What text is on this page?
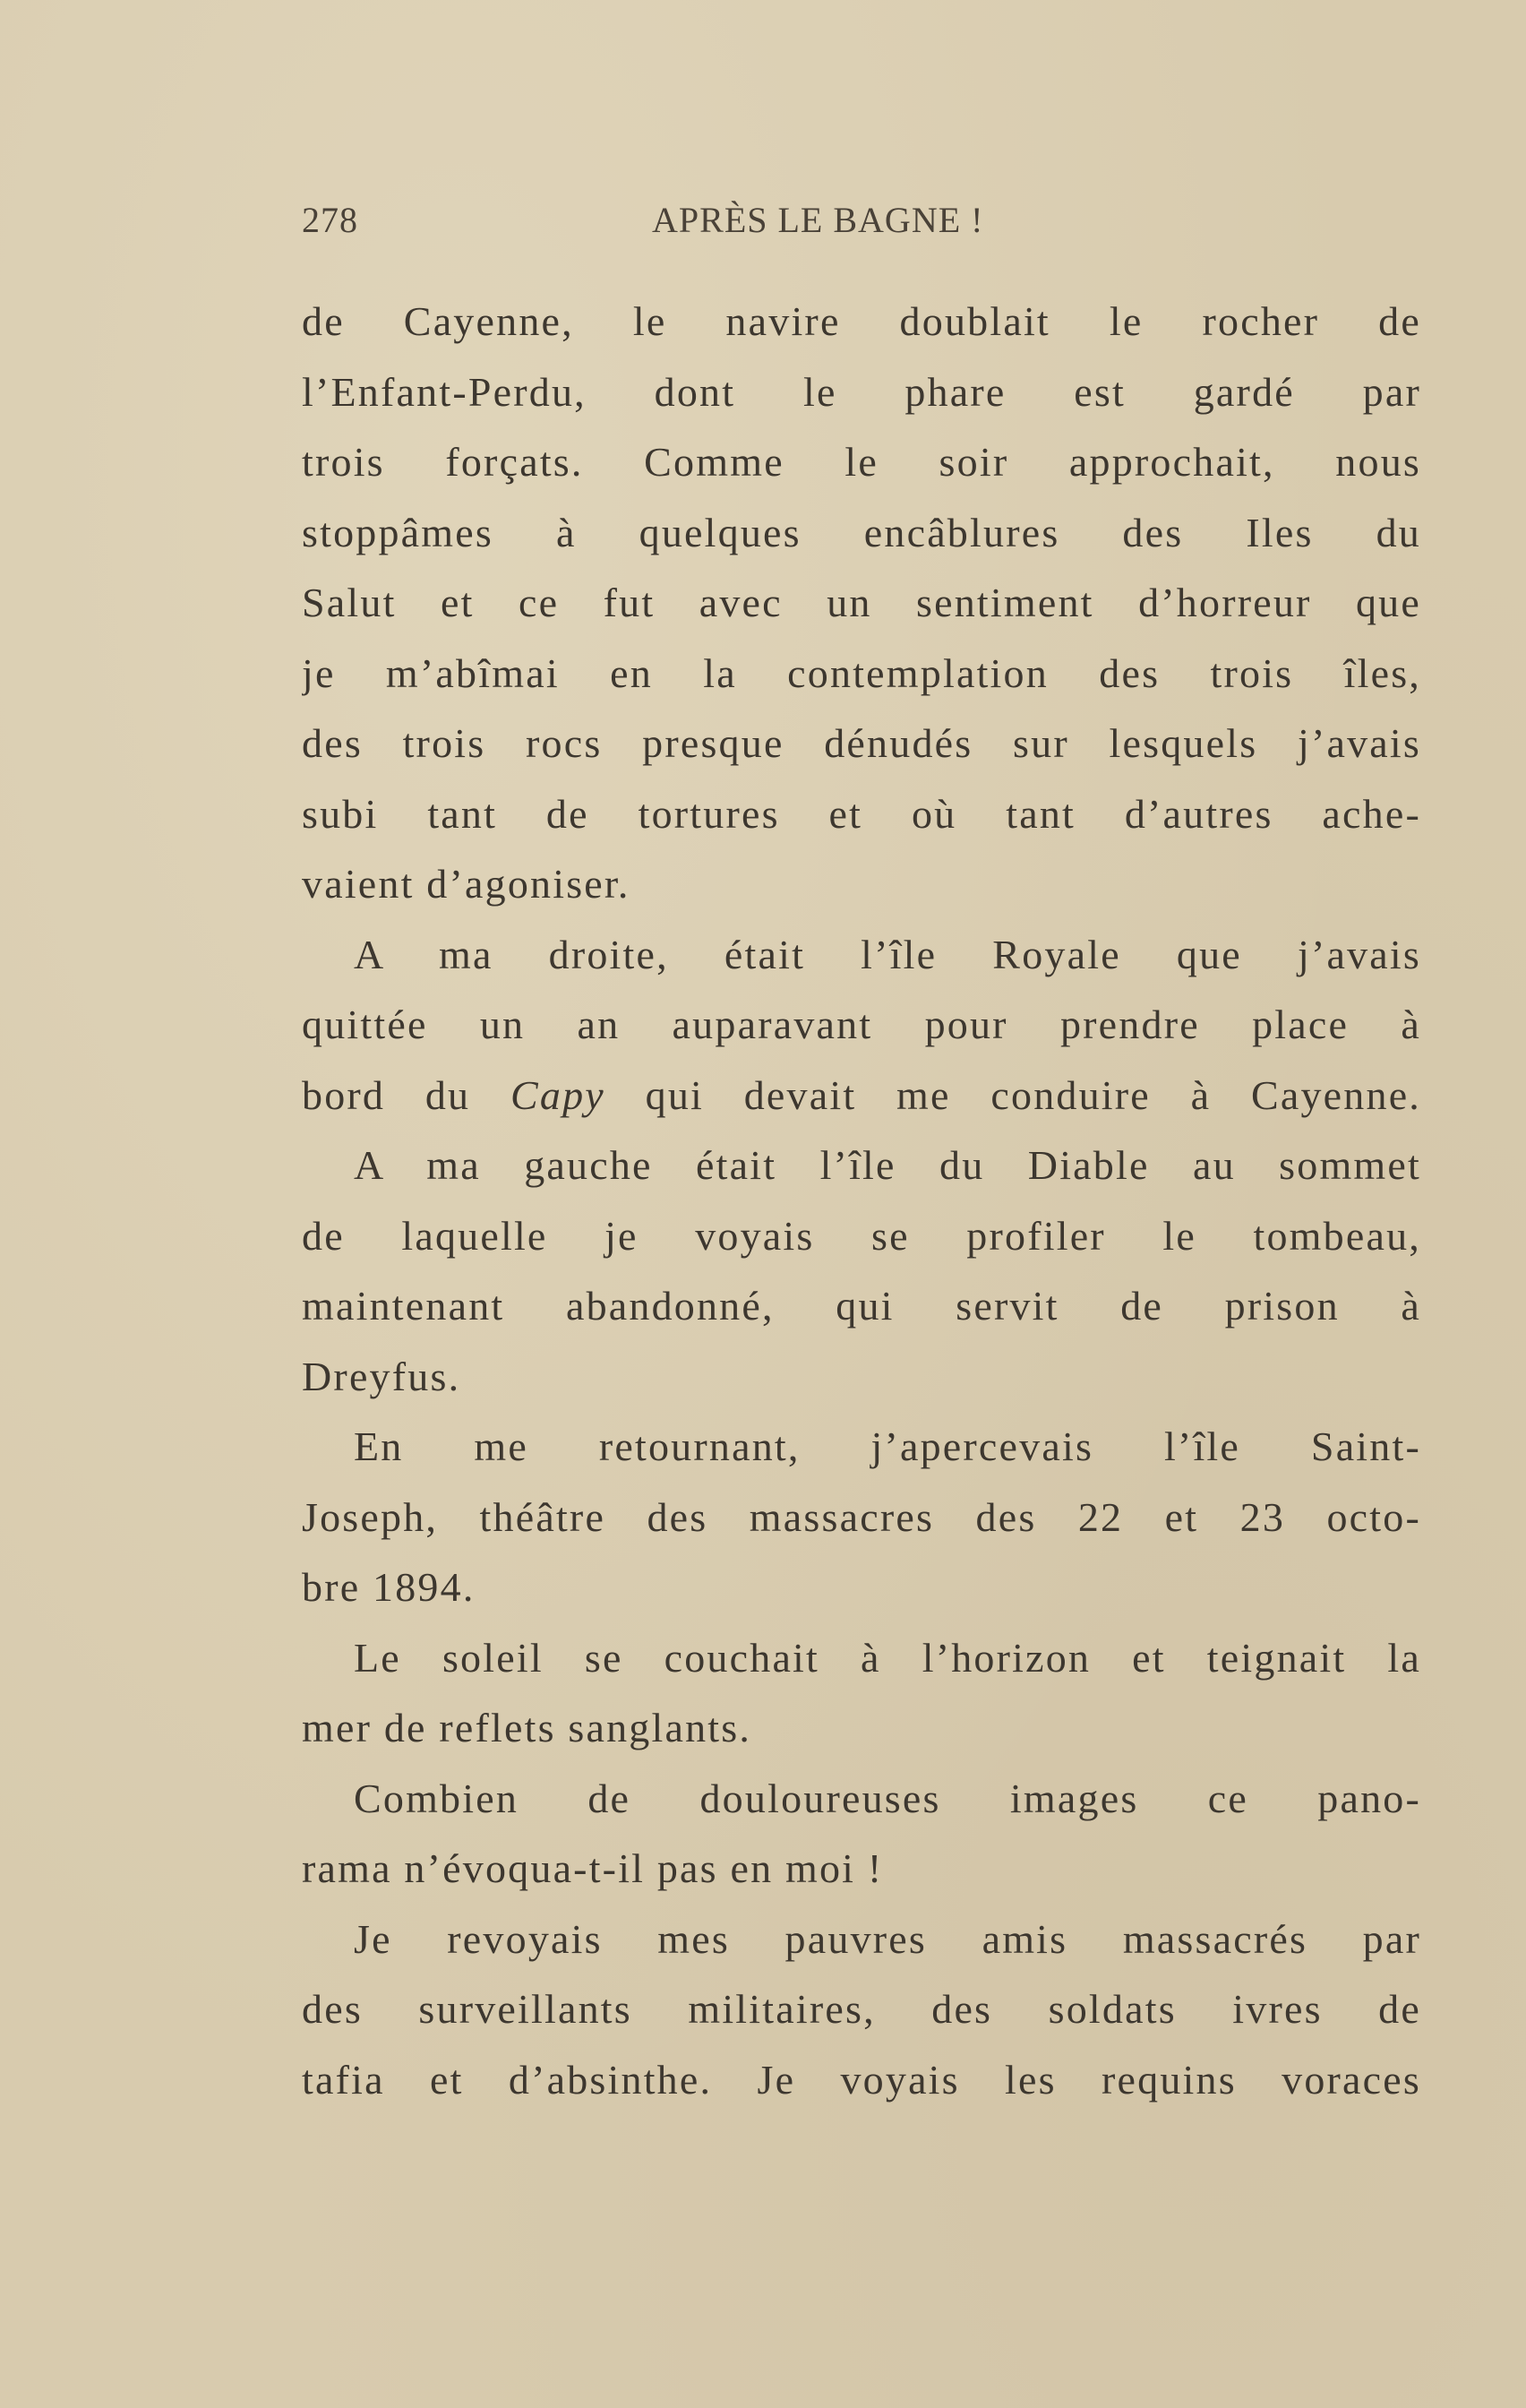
278	APRÈS LE BAGNE !
de Cayenne, le navire doublait le rocher de
l’Enfant-Perdu, dont le phare est gardé par
trois forçats. Comme le soir approchait, nous
stoppâmes à quelques encâblures des Iles du
Salut et ce fut avec un sentiment d’horreur que
je m’abîmai en la contemplation des trois îles,
des trois rocs presque dénudés sur lesquels j’avais
subi tant de tortures et où tant d’autres ache-
vaient d’agoniser.
A ma droite, était l’île Royale que j’avais
quittée un an auparavant pour prendre place à
bord du Capy qui devait me conduire à Cayenne.
A ma gauche était l’île du Diable au sommet
de laquelle je voyais se profiler le tombeau,
maintenant abandonné, qui servit de prison à
Dreyfus.
En me retournant, j’apercevais l’île Saint-
Joseph, théâtre des massacres des 22 et 23 octo-
bre 1894.
Le soleil se couchait à l’horizon et teignait la
mer de reflets sanglants.
Combien de douloureuses images ce pano-
rama n’évoqua-t-il pas en moi !
Je revoyais mes pauvres amis massacrés par
des surveillants militaires, des soldats ivres de
tafia et d’absinthe. Je voyais les requins voraces
